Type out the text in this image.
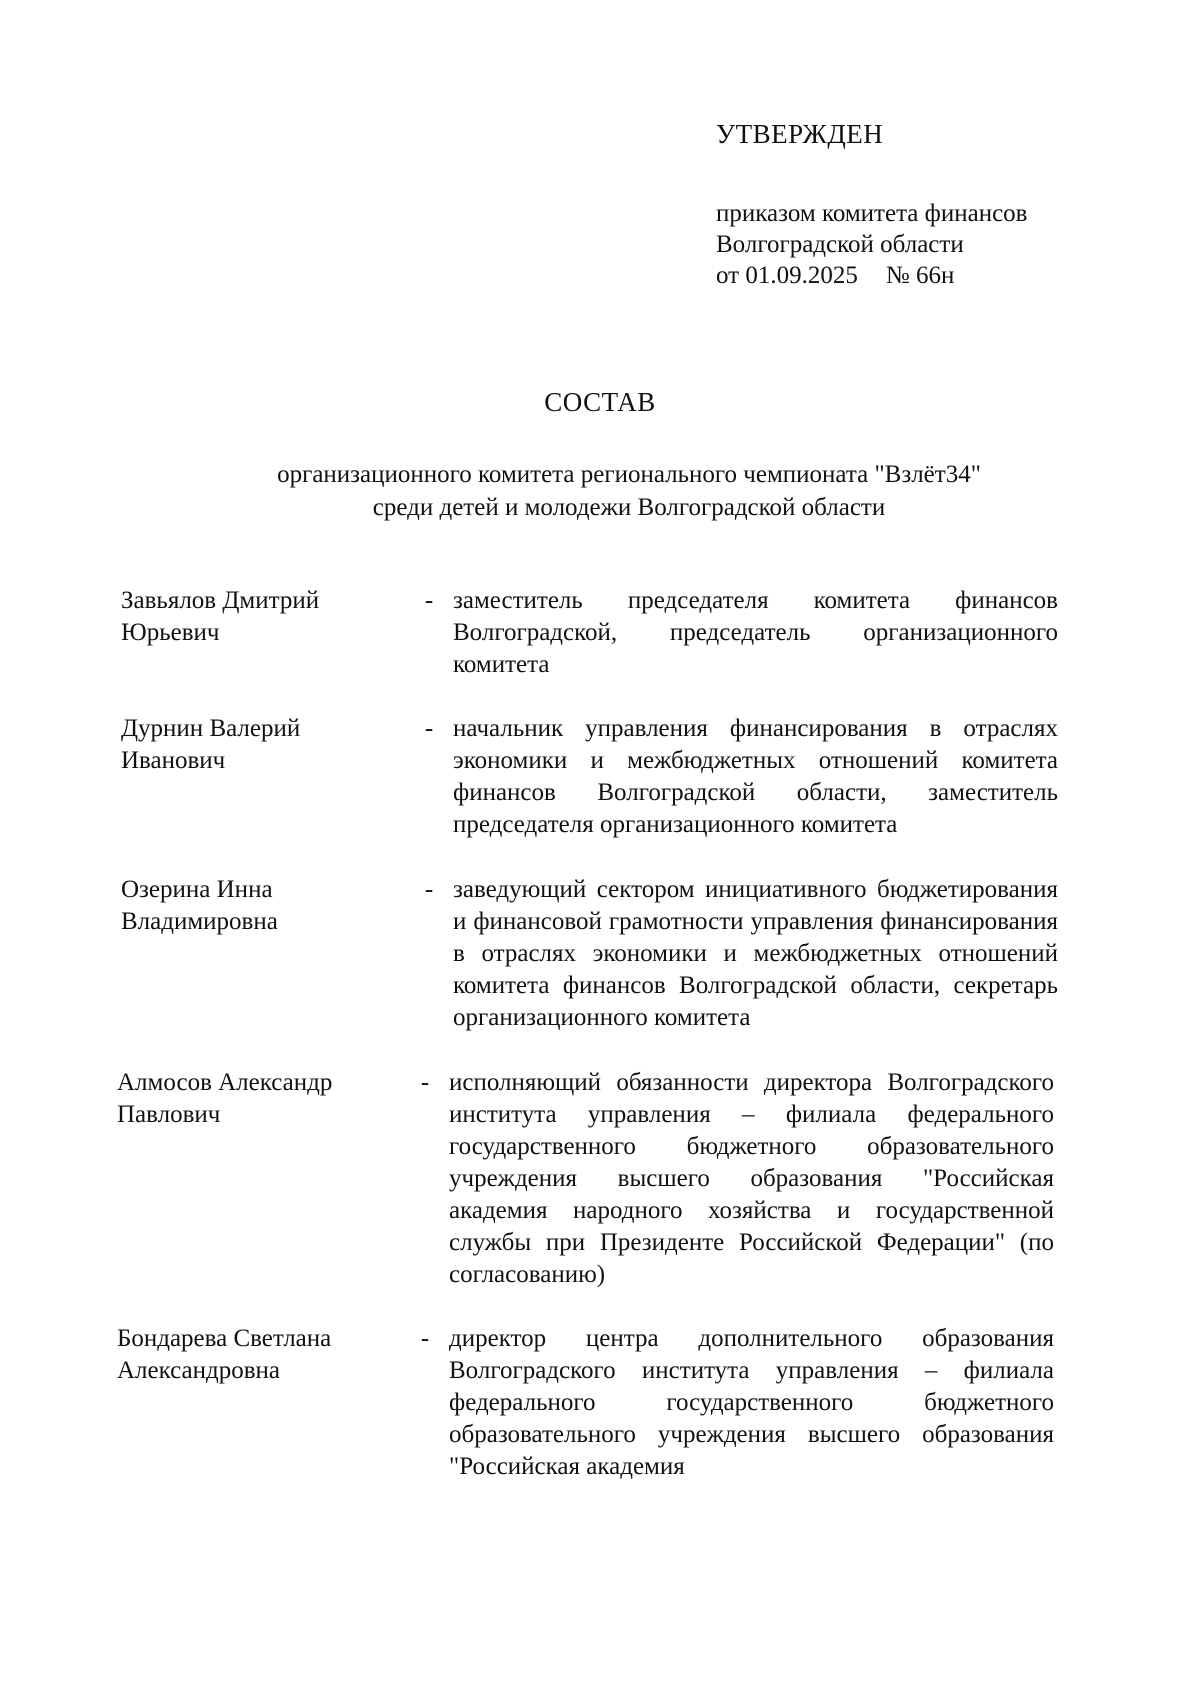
УТВЕРЖДЕН
приказом комитета финансов
Волгоградской области
от 01.09.2025 № 66н
СОСТАВ
организационного комитета регионального чемпионата "Взлёт34"
среди детей и молодежи Волгоградской области
Завьялов Дмитрий
Юрьевич
- заместитель председателя комитета финансов Волгоградской, председатель организационного комитета
Дурнин Валерий
Иванович
- начальник управления финансирования в отраслях экономики и межбюджетных отношений комитета финансов Волгоградской области, заместитель председателя организационного комитета
Озерина Инна
Владимировна
- заведующий сектором инициативного бюджетирования и финансовой грамотности управления финансирования в отраслях экономики и межбюджетных отношений комитета финансов Волгоградской области, секретарь организационного комитета
Алмосов Александр
Павлович
- исполняющий обязанности директора Волгоградского института управления – филиала федерального государственного бюджетного образовательного учреждения высшего образования "Российская академия народного хозяйства и государственной службы при Президенте Российской Федерации" (по согласованию)
Бондарева Светлана
Александровна
- директор центра дополнительного образования Волгоградского института управления – филиала федерального государственного бюджетного образовательного учреждения высшего образования "Российская академия
